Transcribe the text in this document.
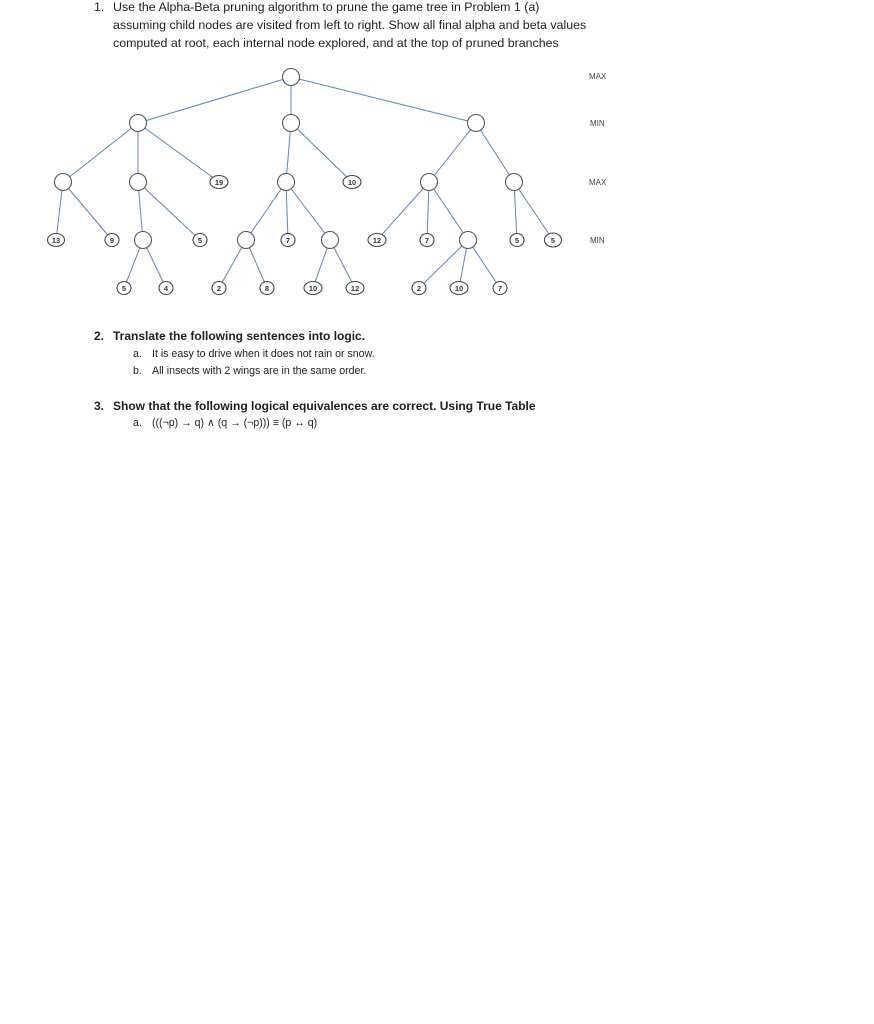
1. Use the Alpha-Beta pruning algorithm to prune the game tree in Problem 1 (a)
assuming child nodes are visited from left to right. Show all final alpha and beta values
computed at root, each internal node explored, and at the top of pruned branches
13	9
5	4
5
19
2	8
7
10
12
10	12
7
2	10	7
5	5
MAX
MIN
MAX
MIN
2. Translate the following sentences into logic.
a. It is easy to drive when it does not rain or snow.
b. All insects with 2 wings are in the same order.
3. Show that the following logical equivalences are correct. Using True Table
a. (((¬p) → q) ∧ (q → (¬p))) ≡ (p ↔ q)
